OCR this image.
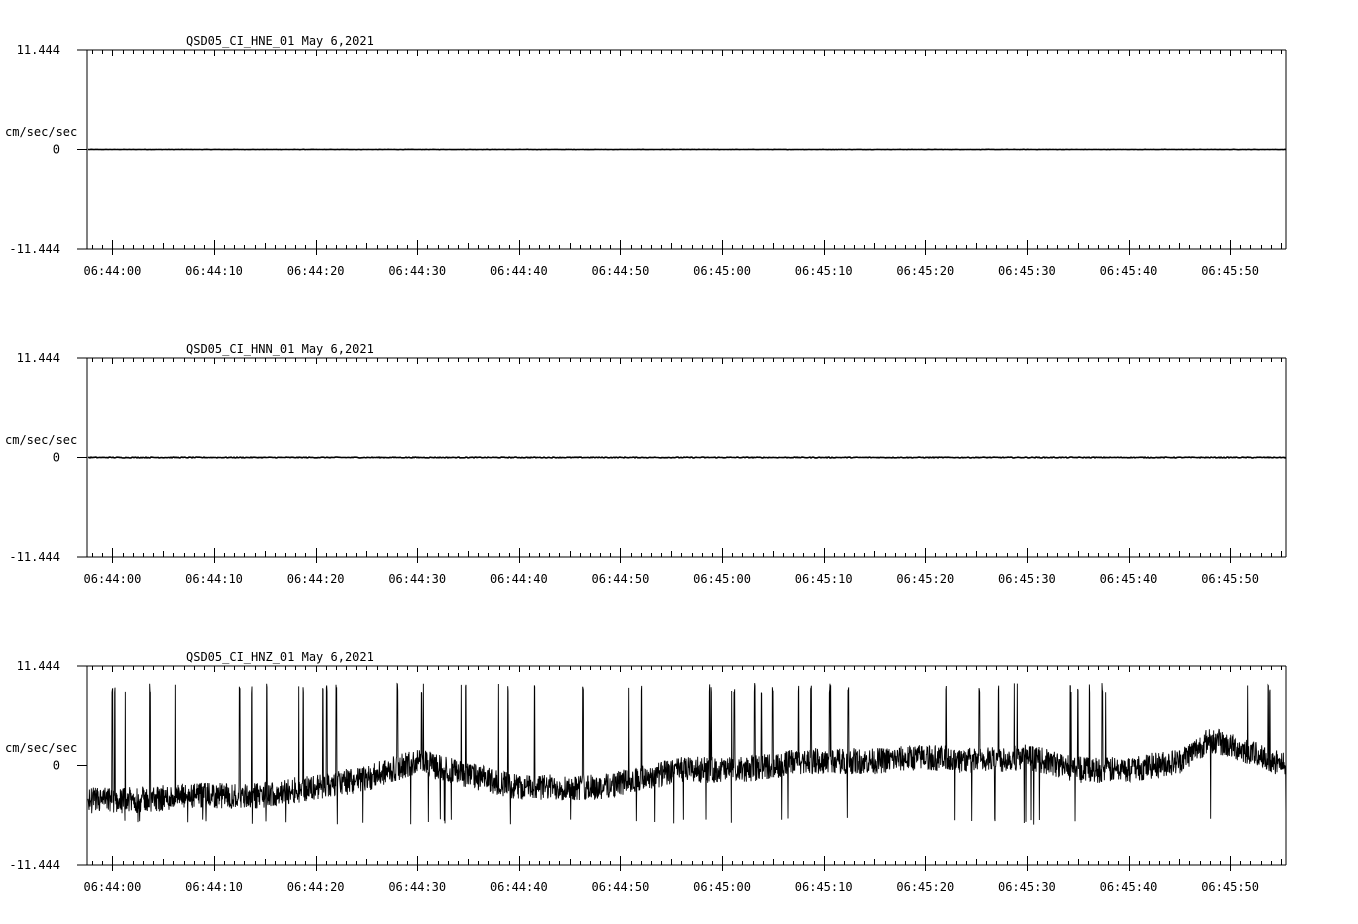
QSD05_CI_HNE_01 May 6,2021
cm/sec/sec
11.444
0
-11.444
06:44:00	06:44:10	06:44:20	06:44:30	06:44:40	06:44:50	06:45:00	06:45:10	06:45:20	06:45:30	06:45:40	06:45:50
QSD05_CI_HNN_01 May 6,2021
cm/sec/sec
11.444
0
-11.444
06:44:00	06:44:10	06:44:20	06:44:30	06:44:40	06:44:50	06:45:00	06:45:10	06:45:20	06:45:30	06:45:40	06:45:50
QSD05_CI_HNZ_01 May 6,2021
cm/sec/sec
11.444
0
-11.444
06:44:00	06:44:10	06:44:20	06:44:30	06:44:40	06:44:50	06:45:00	06:45:10	06:45:20	06:45:30	06:45:40	06:45:50
